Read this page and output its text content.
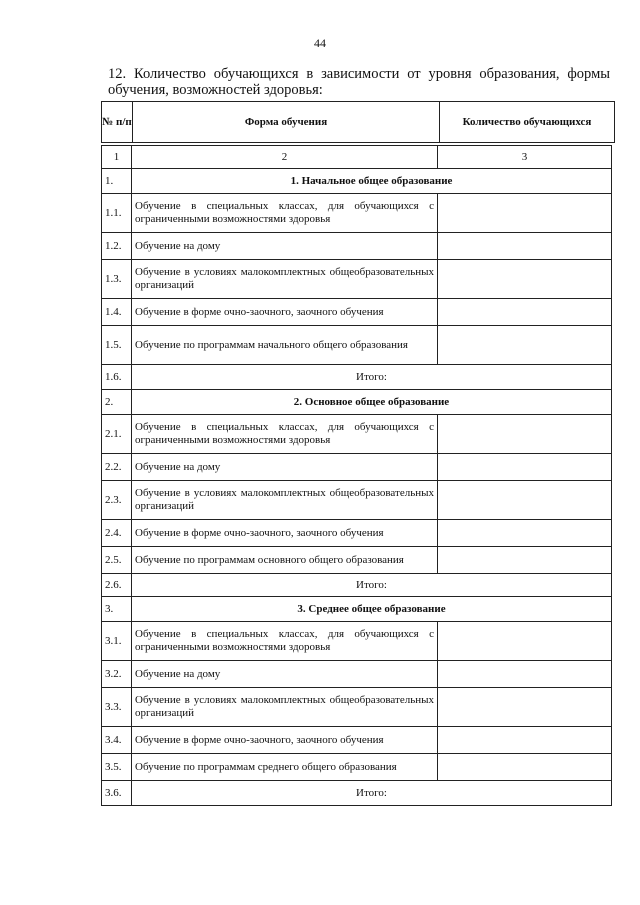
44
12. Количество обучающихся в зависимости от уровня образования, формы обучения, возможностей здоровья:
№ п/п	Форма обучения	Количество обучающихся
1	2	3
1.	1. Начальное общее образование	
1.1.	Обучение в специальных классах, для обучающихся с ограниченными возможностями здоровья	
1.2.	Обучение на дому	
1.3.	Обучение в условиях малокомплектных общеобразовательных организаций	
1.4.	Обучение в форме очно-заочного, заочного обучения	
1.5.	Обучение по программам начального общего образования	
1.6.	Итого:	
2.	2. Основное общее образование	
2.1.	Обучение в специальных классах, для обучающихся с ограниченными возможностями здоровья	
2.2.	Обучение на дому	
2.3.	Обучение в условиях малокомплектных общеобразовательных организаций	
2.4.	Обучение в форме очно-заочного, заочного обучения	
2.5.	Обучение по программам основного общего образования	
2.6.	Итого:	
3.	3. Среднее общее образование	
3.1.	Обучение в специальных классах, для обучающихся с ограниченными возможностями здоровья	
3.2.	Обучение на дому	
3.3.	Обучение в условиях малокомплектных общеобразовательных организаций	
3.4.	Обучение в форме очно-заочного, заочного обучения	
3.5.	Обучение по программам среднего общего образования	
3.6.	Итого:	
